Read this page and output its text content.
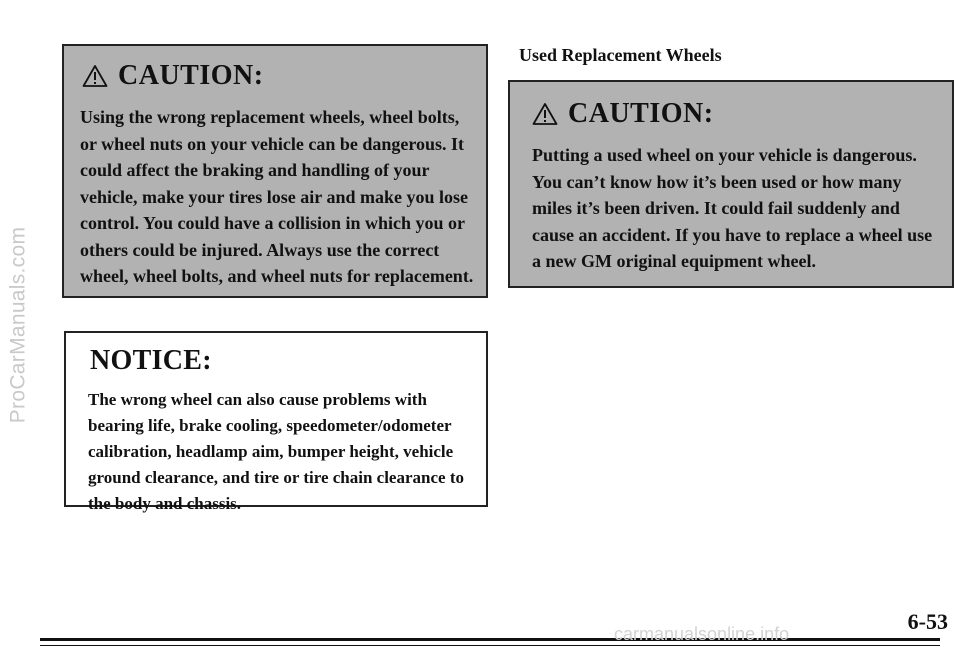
ProCarManuals.com
CAUTION:
Using the wrong replacement wheels, wheel bolts, or wheel nuts on your vehicle can be dangerous. It could affect the braking and handling of your vehicle, make your tires lose air and make you lose control. You could have a collision in which you or others could be injured. Always use the correct wheel, wheel bolts, and wheel nuts for replacement.
NOTICE:
The wrong wheel can also cause problems with bearing life, brake cooling, speedometer/odometer calibration, headlamp aim, bumper height, vehicle ground clearance, and tire or tire chain clearance to the body and chassis.
Used Replacement Wheels
CAUTION:
Putting a used wheel on your vehicle is dangerous. You can’t know how it’s been used or how many miles it’s been driven. It could fail suddenly and cause an accident. If you have to replace a wheel use a new GM original equipment wheel.
6-53
carmanualsonline.info
